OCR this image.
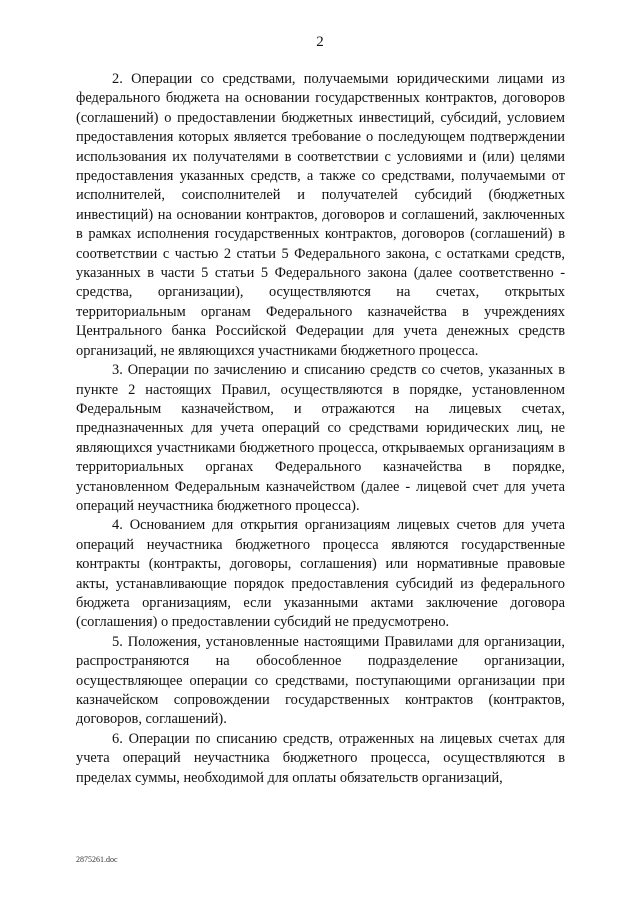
2

2. Операции со средствами, получаемыми юридическими лицами из федерального бюджета на основании государственных контрактов, договоров (соглашений) о предоставлении бюджетных инвестиций, субсидий, условием предоставления которых является требование о последующем подтверждении использования их получателями в соответствии с условиями и (или) целями предоставления указанных средств, а также со средствами, получаемыми от исполнителей, соисполнителей и получателей субсидий (бюджетных инвестиций) на основании контрактов, договоров и соглашений, заключенных в рамках исполнения государственных контрактов, договоров (соглашений) в соответствии с частью 2 статьи 5 Федерального закона, с остатками средств, указанных в части 5 статьи 5 Федерального закона (далее соответственно - средства, организации), осуществляются на счетах, открытых территориальным органам Федерального казначейства в учреждениях Центрального банка Российской Федерации для учета денежных средств организаций, не являющихся участниками бюджетного процесса.

3. Операции по зачислению и списанию средств со счетов, указанных в пункте 2 настоящих Правил, осуществляются в порядке, установленном Федеральным казначейством, и отражаются на лицевых счетах, предназначенных для учета операций со средствами юридических лиц, не являющихся участниками бюджетного процесса, открываемых организациям в территориальных органах Федерального казначейства в порядке, установленном Федеральным казначейством (далее - лицевой счет для учета операций неучастника бюджетного процесса).

4. Основанием для открытия организациям лицевых счетов для учета операций неучастника бюджетного процесса являются государственные контракты (контракты, договоры, соглашения) или нормативные правовые акты, устанавливающие порядок предоставления субсидий из федерального бюджета организациям, если указанными актами заключение договора (соглашения) о предоставлении субсидий не предусмотрено.

5. Положения, установленные настоящими Правилами для организации, распространяются на обособленное подразделение организации, осуществляющее операции со средствами, поступающими организации при казначейском сопровождении государственных контрактов (контрактов, договоров, соглашений).

6. Операции по списанию средств, отраженных на лицевых счетах для учета операций неучастника бюджетного процесса, осуществляются в пределах суммы, необходимой для оплаты обязательств организаций,

2875261.doc
